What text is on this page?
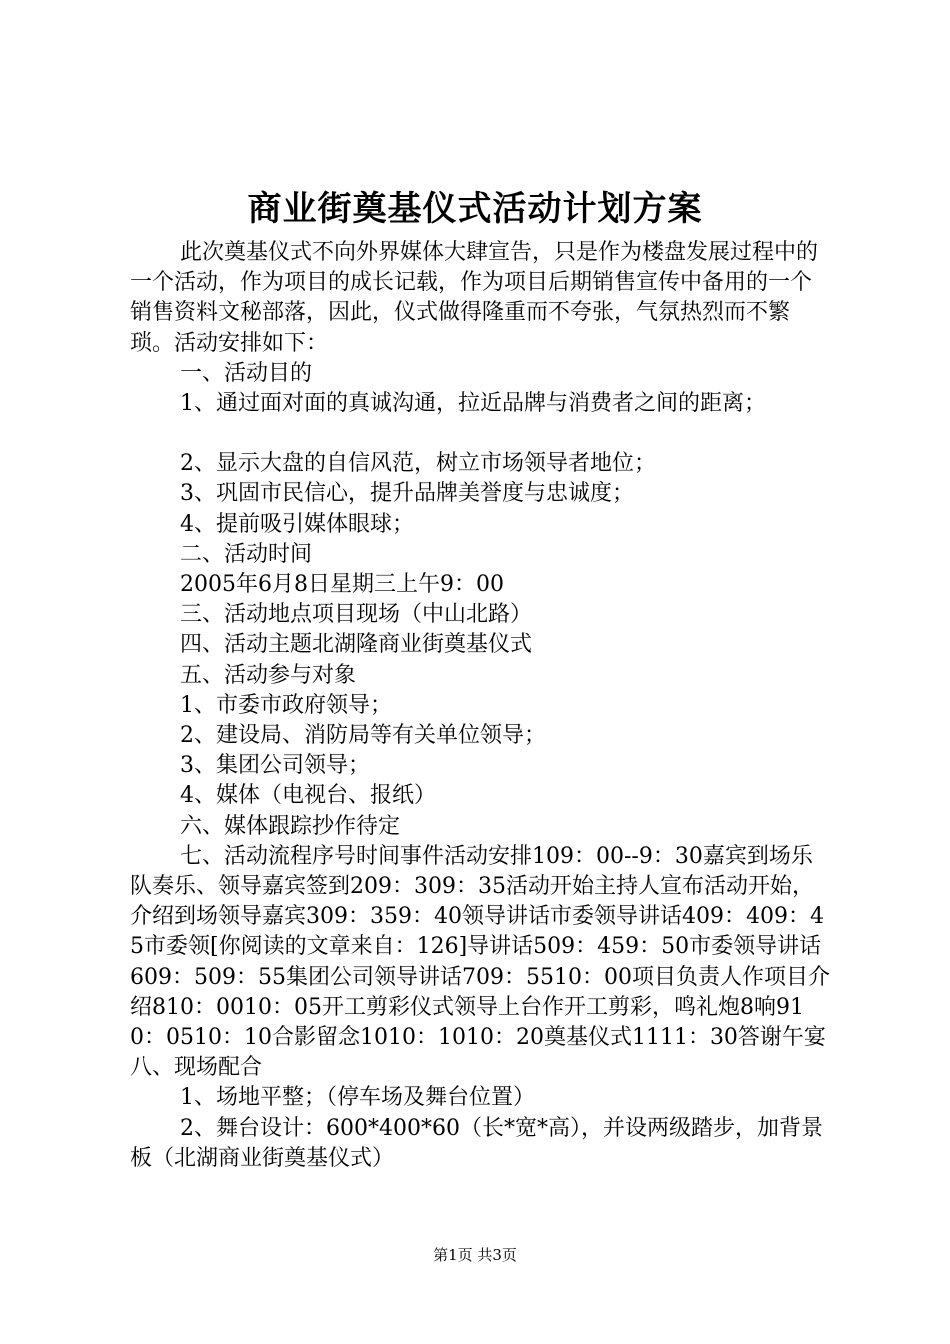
商业街奠基仪式活动计划方案

此次奠基仪式不向外界媒体大肆宣告，只是作为楼盘发展过程中的一个活动，作为项目的成长记载，作为项目后期销售宣传中备用的一个销售资料文秘部落，因此，仪式做得隆重而不夸张，气氛热烈而不繁琐。活动安排如下：

一、活动目的

1、通过面对面的真诚沟通，拉近品牌与消费者之间的距离；

2、显示大盘的自信风范，树立市场领导者地位；

3、巩固市民信心，提升品牌美誉度与忠诚度；

4、提前吸引媒体眼球；

二、活动时间

2005年6月8日星期三上午9：00

三、活动地点项目现场（中山北路）

四、活动主题北湖隆商业街奠基仪式

五、活动参与对象

1、市委市政府领导；

2、建设局、消防局等有关单位领导；

3、集团公司领导；

4、媒体（电视台、报纸）

六、媒体跟踪抄作待定

七、活动流程序号时间事件活动安排109：00--9：30嘉宾到场乐队奏乐、领导嘉宾签到209：309：35活动开始主持人宣布活动开始，介绍到场领导嘉宾309：359：40领导讲话市委领导讲话409：409：45市委领[你阅读的文章来自：126]导讲话509：459：50市委领导讲话609：509：55集团公司领导讲话709：5510：00项目负责人作项目介绍810：0010：05开工剪彩仪式领导上台作开工剪彩，鸣礼炮8响910：0510：10合影留念1010：1010：20奠基仪式1111：30答谢午宴八、现场配合

1、场地平整；（停车场及舞台位置）

2、舞台设计：600*400*60（长*宽*高），并设两级踏步，加背景板（北湖商业街奠基仪式）

第1页 共3页
